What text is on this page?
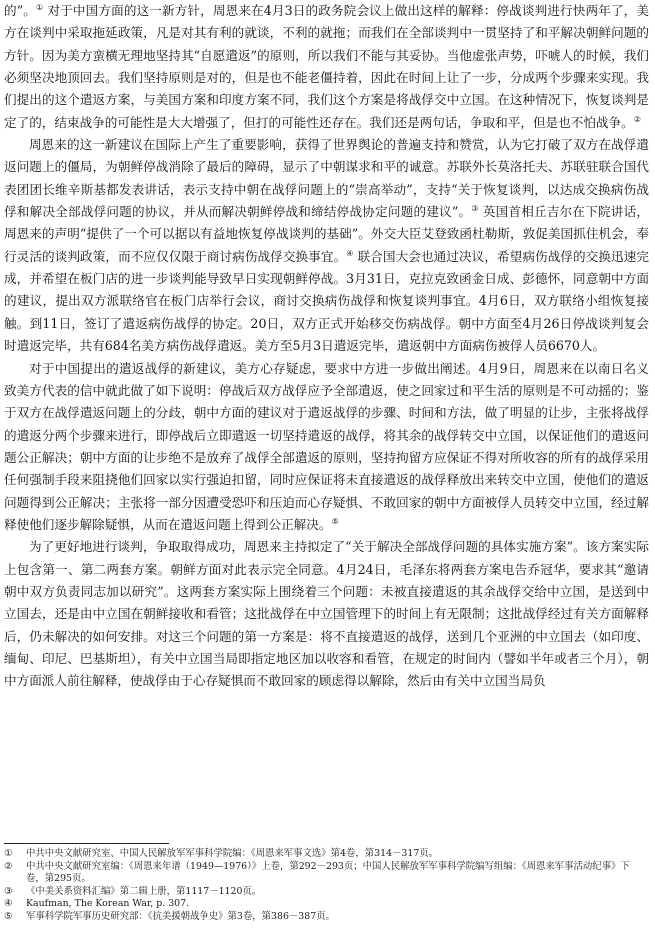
的”。① 对于中国方面的这一新方针，周恩来在4月3日的政务院会议上做出这样的解释：停战谈判进行快两年了，美方在谈判中采取拖延政策，凡是对其有利的就谈，不利的就拖；而我们在全部谈判中一贯坚持了和平解决朝鲜问题的方针。因为美方蛮横无理地坚持其“自愿遣返”的原则，所以我们不能与其妥协。当他虚张声势，吓唬人的时候，我们必须坚决地顶回去。我们坚持原则是对的，但是也不能老僵持着，因此在时间上让了一步，分成两个步骤来实现。我们提出的这个遣返方案，与美国方案和印度方案不同，我们这个方案是将战俘交中立国。在这种情况下，恢复谈判是定了的，结束战争的可能性是大大增强了，但打的可能性还存在。我们还是两句话，争取和平，但是也不怕战争。②

周恩来的这一新建议在国际上产生了重要影响，获得了世界舆论的普遍支持和赞赏，认为它打破了双方在战俘遣返问题上的僵局，为朝鲜停战消除了最后的障碍，显示了中朝谋求和平的诚意。苏联外长莫洛托夫、苏联驻联合国代表团团长维辛斯基都发表讲话，表示支持中朝在战俘问题上的“崇高举动”，支持“关于恢复谈判，以达成交换病伤战俘和解决全部战俘问题的协议，并从而解决朝鲜停战和缔结停战协定问题的建议”。③ 英国首相丘吉尔在下院讲话，周恩来的声明“提供了一个可以据以有益地恢复停战谈判的基础”。外交大臣艾登致函杜勒斯，敦促美国抓住机会，奉行灵活的谈判政策，而不应仅仅限于商讨病伤战俘交换事宜。④ 联合国大会也通过决议，希望病伤战俘的交换迅速完成，并希望在板门店的进一步谈判能导致早日实现朝鲜停战。3月31日，克拉克致函金日成、彭德怀，同意朝中方面的建议，提出双方派联络官在板门店举行会议，商讨交换病伤战俘和恢复谈判事宜。4月6日，双方联络小组恢复接触。到11日，签订了遣返病伤战俘的协定。20日，双方正式开始移交伤病战俘。朝中方面至4月26日停战谈判复会时遣返完毕，共有684名美方病伤战俘遣返。美方至5月3日遣返完毕，遣返朝中方面病伤被俘人员6670人。

对于中国提出的遣返战俘的新建议，美方心存疑虑，要求中方进一步做出阐述。4月9日，周恩来在以南日名义致美方代表的信中就此做了如下说明：停战后双方战俘应予全部遣返，使之回家过和平生活的原则是不可动摇的；鉴于双方在战俘遣返问题上的分歧，朝中方面的建议对于遣返战俘的步骤、时间和方法，做了明显的让步，主张将战俘的遣返分两个步骤来进行，即停战后立即遣返一切坚持遣返的战俘，将其余的战俘转交中立国，以保证他们的遣返问题公正解决；朝中方面的让步绝不是放弃了战俘全部遣返的原则，坚持拘留方应保证不得对所收容的所有的战俘采用任何强制手段来阻挠他们回家以实行强迫扣留，同时应保证将未直接遣返的战俘释放出来转交中立国，使他们的遣返问题得到公正解决；主张将一部分因遭受恐吓和压迫而心存疑惧、不敢回家的朝中方面被俘人员转交中立国，经过解释使他们逐步解除疑惧，从而在遣返问题上得到公正解决。⑤

为了更好地进行谈判，争取取得成功，周恩来主持拟定了“关于解决全部战俘问题的具体实施方案”。该方案实际上包含第一、第二两套方案。朝鲜方面对此表示完全同意。4月24日，毛泽东将两套方案电告乔冠华，要求其“邀请朝中双方负责同志加以研究”。这两套方案实际上围绕着三个问题：未被直接遣返的其余战俘交给中立国，是送到中立国去，还是由中立国在朝鲜接收和看管；这批战俘在中立国管理下的时间上有无限制；这批战俘经过有关方面解释后，仍未解决的如何安排。对这三个问题的第一方案是：将不直接遣返的战俘，送到几个亚洲的中立国去（如印度、缅甸、印尼、巴基斯坦），有关中立国当局即指定地区加以收容和看管，在规定的时间内（譬如半年或者三个月），朝中方面派人前往解释，使战俘由于心存疑惧而不敢回家的顾虑得以解除，然后由有关中立国当局负

① 中共中央文献研究室、中国人民解放军军事科学院编：《周恩来军事文选》第4卷，第314－317页。

② 中共中央文献研究室编：《周恩来年谱（1949—1976）》上卷，第292－293页；中国人民解放军军事科学院编写组编：《周恩来军事活动纪事》下卷，第295页。

③ 《中美关系资料汇编》第二辑上册，第1117－1120页。

④ Kaufman, The Korean War, p. 307.

⑤ 军事科学院军事历史研究部：《抗美援朝战争史》第3卷，第386－387页。
